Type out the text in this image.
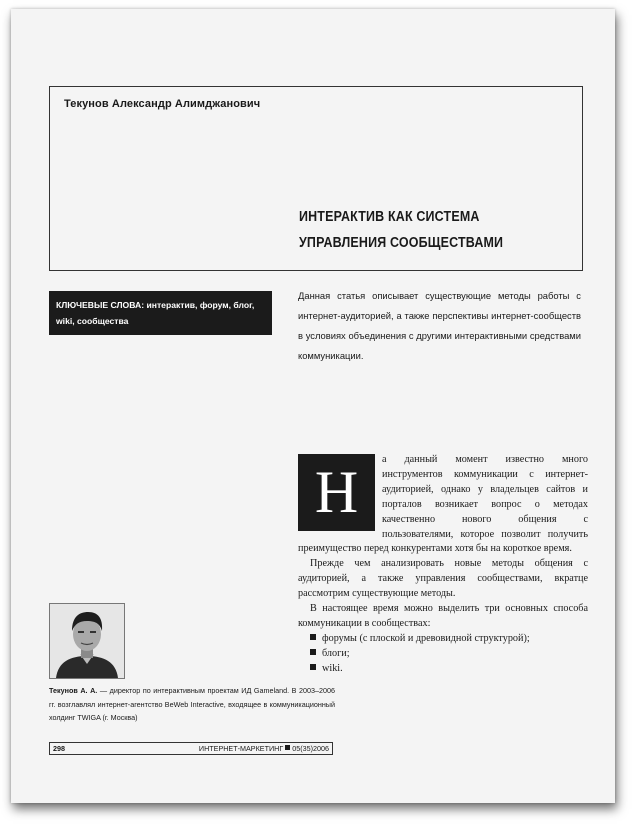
Текунов Александр Алимджанович
ИНТЕРАКТИВ КАК СИСТЕМА
УПРАВЛЕНИЯ СООБЩЕСТВАМИ
КЛЮЧЕВЫЕ СЛОВА: интерактив, форум, блог, wiki, сообщества
Данная статья описывает существующие методы работы с интернет-аудиторией, а также перспективы интернет-сообществ в условиях объединения с другими интерактивными средствами коммуникации.
Н	а данный момент известно много инструментов коммуникации с интернет-аудиторией, однако у владельцев сайтов и порталов возникает вопрос о методах качественно нового общения с пользователями, которое позволит получить преимущество перед конкурентами хотя бы на короткое время.

Прежде чем анализировать новые методы общения с аудиторией, а также управления сообществами, вкратце рассмотрим существующие методы.

В настоящее время можно выделить три основных способа коммуникации в сообществах:

форумы (с плоской и древовидной структурой);
блоги;
wiki.
Текунов А. А. — директор по интерактивным проектам ИД Gameland. В 2003–2006 гг. возглавлял интернет-агентство BeWeb Interactive, входящее в коммуникационный холдинг TWIGA (г. Москва)
298	ИНТЕРНЕТ-МАРКЕТИНГ 05(35)2006
